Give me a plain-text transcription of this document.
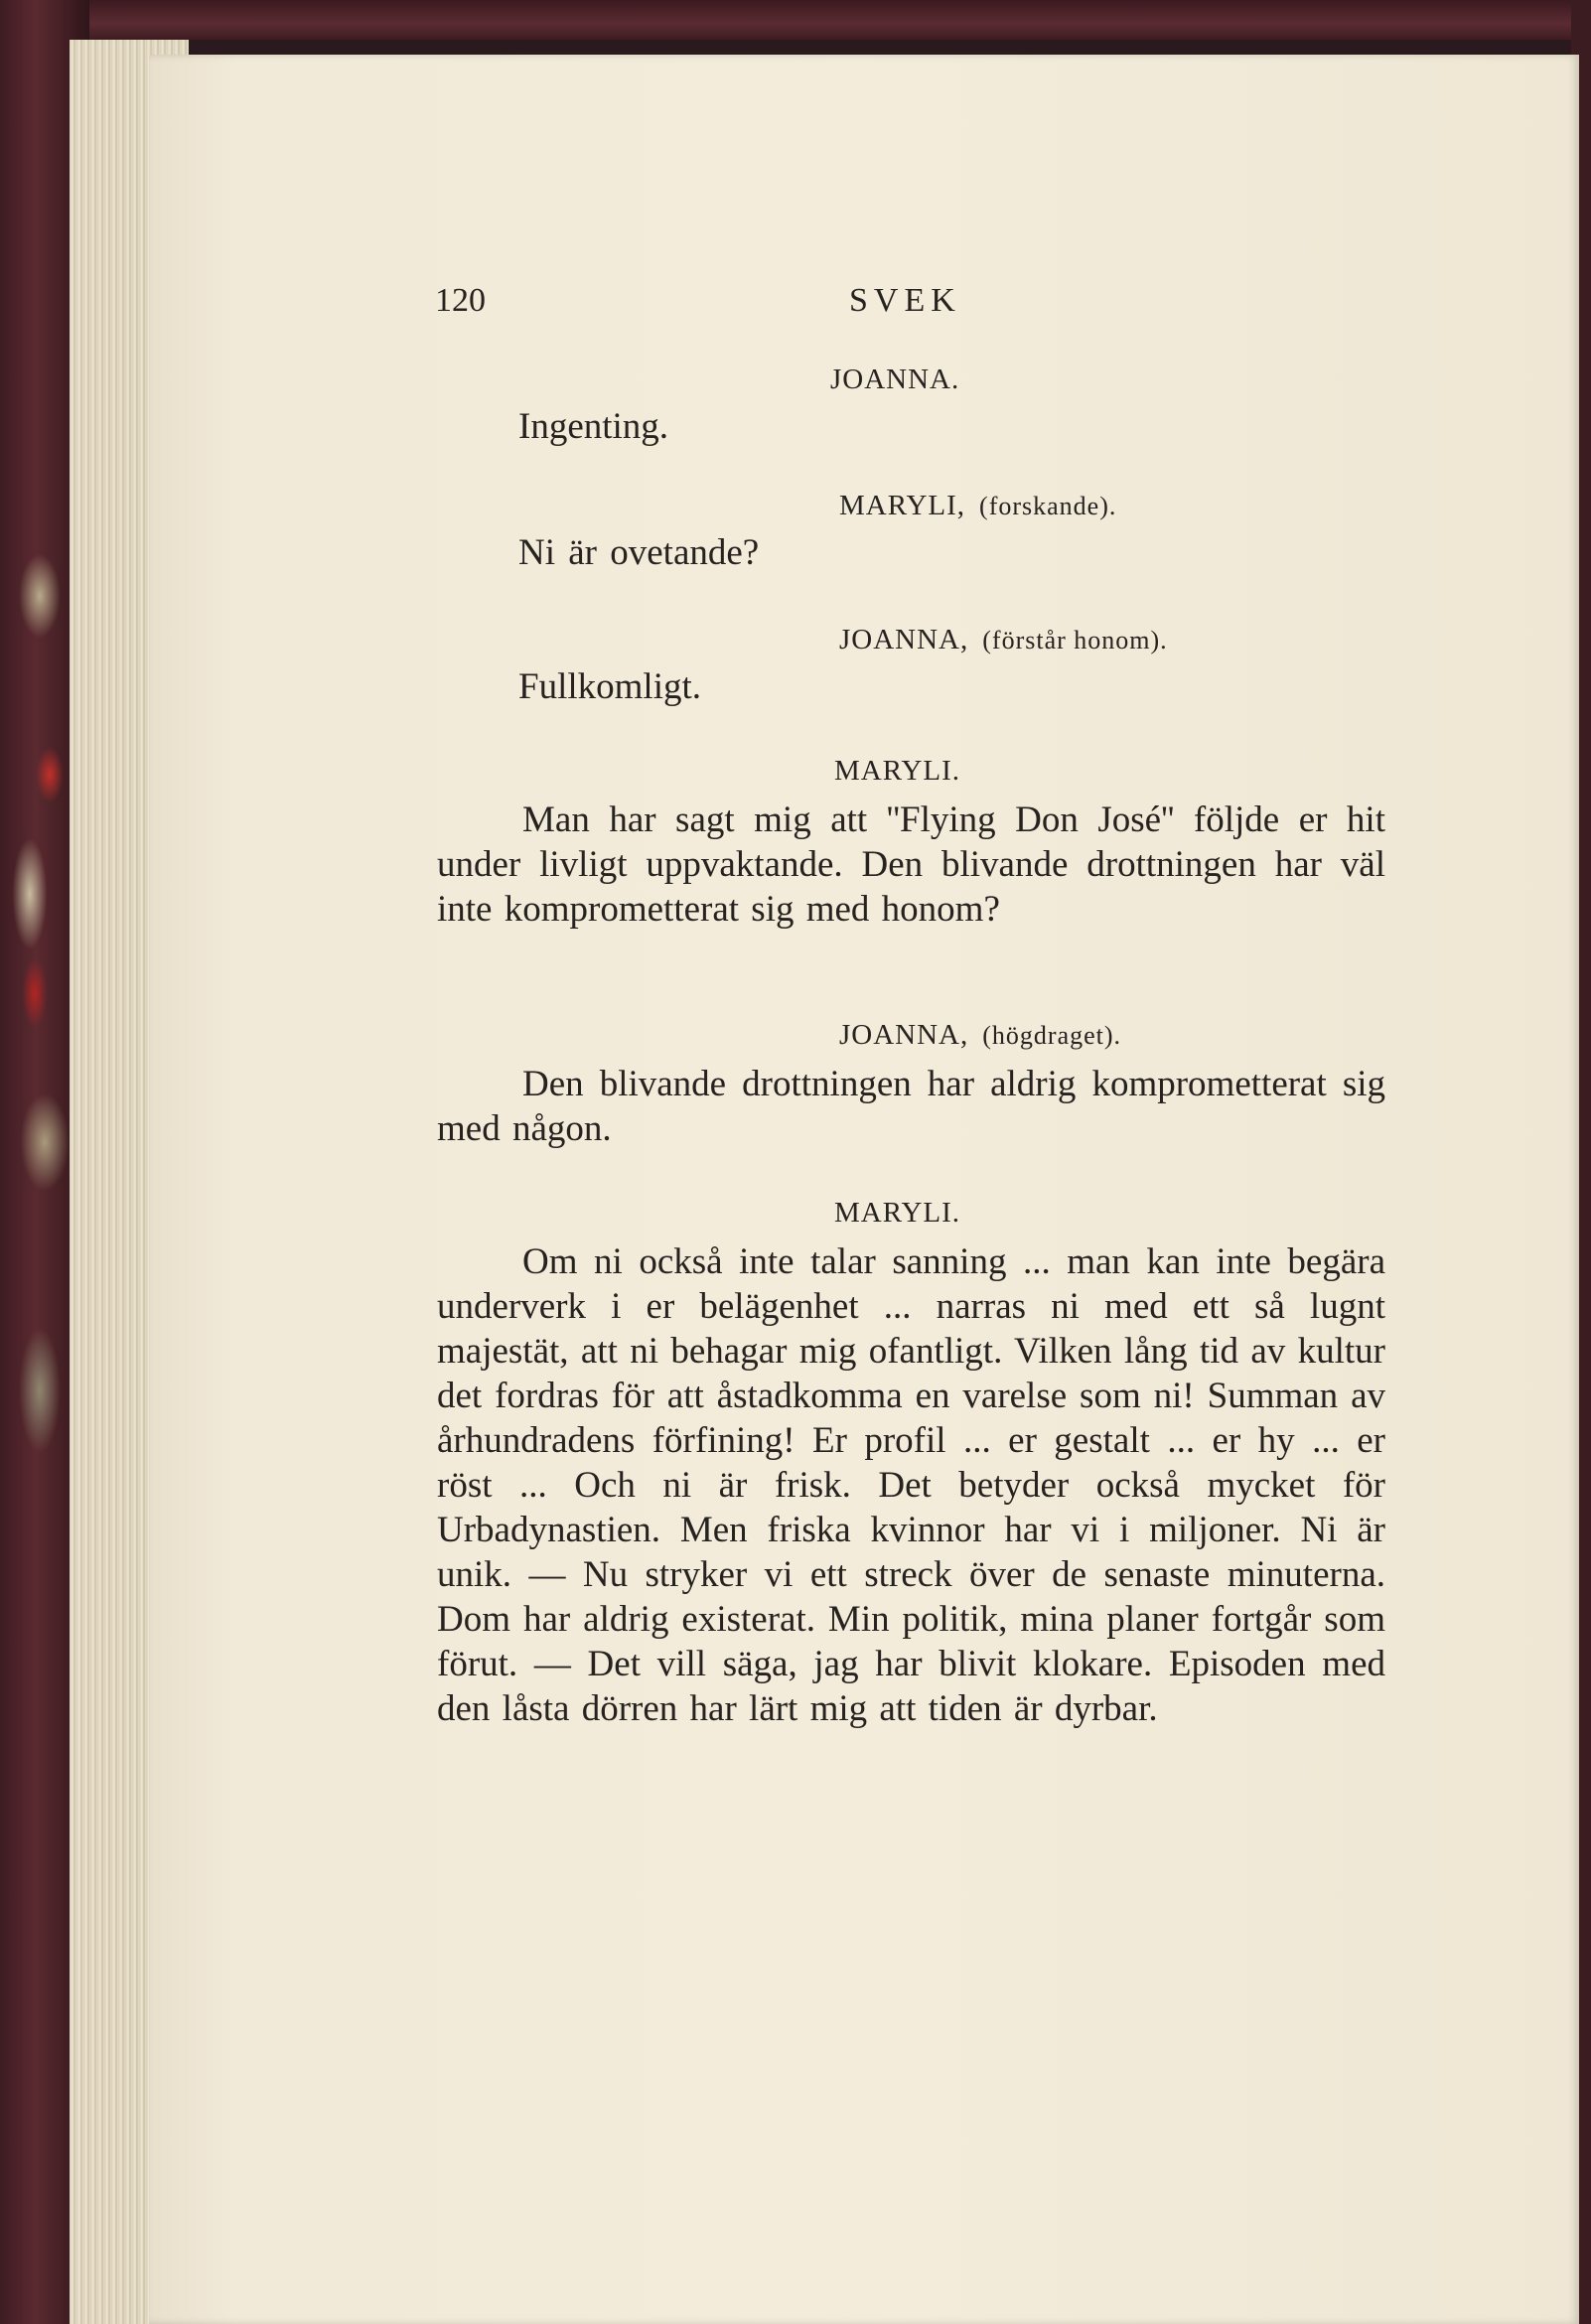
120	SVEK
JOANNA.
Ingenting.
MARYLI, (forskande).
Ni är ovetande?
JOANNA, (förstår honom).
Fullkomligt.
MARYLI.
Man har sagt mig att ''Flying Don José'' följde er hit under livligt uppvaktande. Den blivande drottningen har väl inte komprometterat sig med honom?
JOANNA, (högdraget).
Den blivande drottningen har aldrig komprometterat sig med någon.
MARYLI.
Om ni också inte talar sanning ... man kan inte begära underverk i er belägenhet ... narras ni med ett så lugnt majestät, att ni behagar mig ofantligt. Vilken lång tid av kultur det fordras för att åstadkomma en varelse som ni! Summan av århundradens förfining! Er profil ... er gestalt ... er hy ... er röst ... Och ni är frisk. Det betyder också mycket för Urbadynastien. Men friska kvinnor har vi i miljoner. Ni är unik. — Nu stryker vi ett streck över de senaste minuterna. Dom har aldrig existerat. Min politik, mina planer fortgår som förut. — Det vill säga, jag har blivit klokare. Episoden med den låsta dörren har lärt mig att tiden är dyrbar.
